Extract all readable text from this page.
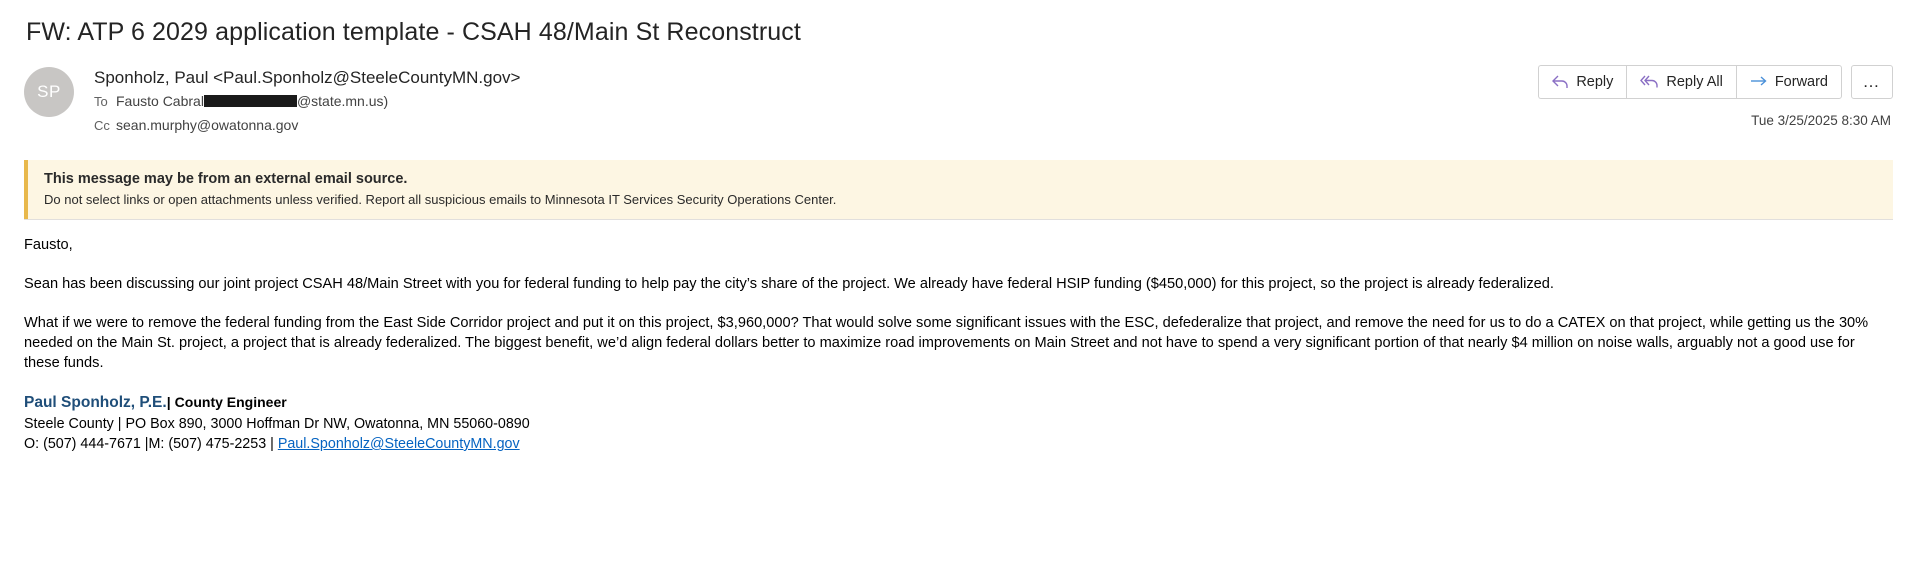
FW: ATP 6 2029 application template - CSAH 48/Main St Reconstruct
SP
Sponholz, Paul <Paul.Sponholz@SteeleCountyMN.gov>
To Fausto Cabral	@state.mn.us)
Cc sean.murphy@owatonna.gov
Reply	Reply All	Forward	…
Tue 3/25/2025 8:30 AM
This message may be from an external email source.
Do not select links or open attachments unless verified. Report all suspicious emails to Minnesota IT Services Security Operations Center.

Fausto,

Sean has been discussing our joint project CSAH 48/Main Street with you for federal funding to help pay the city’s share of the project. We already have federal HSIP funding ($450,000) for this project, so the project is already federalized.

What if we were to remove the federal funding from the East Side Corridor project and put it on this project, $3,960,000? That would solve some significant issues with the ESC, defederalize that project, and remove the need for us to do a CATEX on that project, while getting us the 30% needed on the Main St. project, a project that is already federalized. The biggest benefit, we’d align federal dollars better to maximize road improvements on Main Street and not have to spend a very significant portion of that nearly $4 million on noise walls, arguably not a good use for these funds.

Paul Sponholz, P.E.| County Engineer
Steele County | PO Box 890, 3000 Hoffman Dr NW, Owatonna, MN 55060-0890
O: (507) 444-7671 |M: (507) 475-2253 | Paul.Sponholz@SteeleCountyMN.gov
